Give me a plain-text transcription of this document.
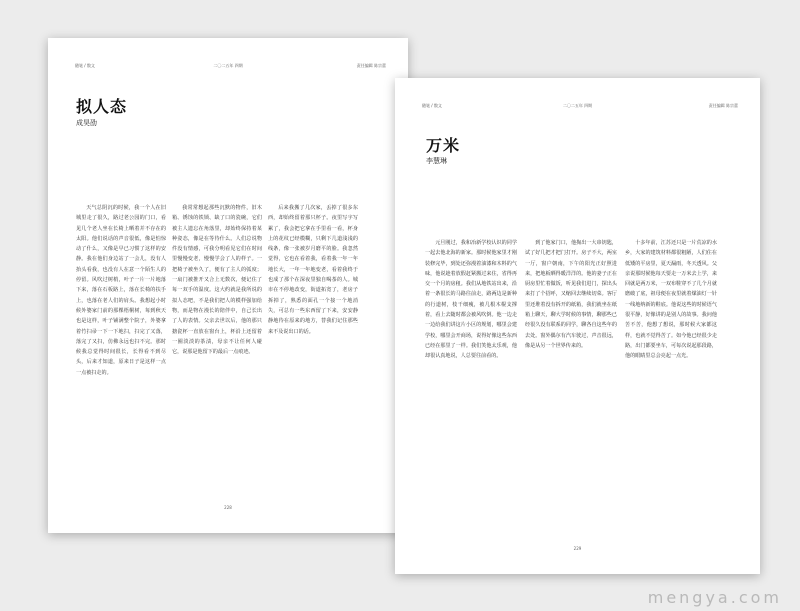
随笔 / 散文	二〇二五年 四期	责任编辑 陈宗蕾
拟人态
成昊劭

天气总阴沉的时候，我一个人在旧城里走了很久，路过老公园的门口，看见几个老人坐在长椅上晒着并不存在的太阳。他们说话的声音很低，像是怕惊动了什么，又像是早已习惯了这样的安静。我在他们身边站了一会儿，没有人抬头看我，也没有人在意一个陌生人的停留。风吹过树梢，叶子一片一片地落下来，落在石板路上，落在长椅的扶手上，也落在老人们的肩头。我想起小时候外婆家门前的那棵梧桐树，每到秋天也是这样，叶子铺满整个院子，外婆拿着竹扫帚一下一下地扫，扫完了又落，落完了又扫，仿佛永远也扫不完。那时候我总觉得时间很长，长得看不到尽头，后来才知道，原来日子是这样一点一点被扫走的。

我常常想起那些沉默的物件，旧木箱、锈蚀的铁锁、缺了口的瓷碗，它们被主人遗忘在角落里，却始终保持着某种姿态，像是在等待什么。人们总说物件没有情感，可我分明看见它们在时间里慢慢变老，慢慢学会了人的样子。一把椅子被坐久了，便有了主人的弧度；一扇门被推开又合上无数次，便记住了每一双手的温度。这大约就是我所说的拟人态吧，不是我们把人的模样强加给物，而是物在漫长的陪伴中，自己长出了人的表情。父亲去世以后，他的那只搪瓷杯一直放在窗台上，杯沿上还留着一圈淡淡的茶渍，母亲不让任何人碰它，说那是他留下的最后一点痕迹。

后来我搬了几次家，丢掉了很多东西，却始终留着那只杯子。夜里写字写累了，我会把它拿在手里看一看，杯身上的花纹已经模糊，只剩下几道浅浅的线条，像一张被岁月磨平的脸。我忽然觉得，它也在看着我，看着我一年一年地长大，一年一年地变老，看着我终于也成了那个在深夜里独自喝茶的人。城市在不停地改变，街道拓宽了，老房子拆掉了，熟悉的面孔一个接一个地消失，可总有一些东西留了下来，安安静静地待在原来的地方，替我们记住那些来不及说出口的话。

228
随笔 / 散文	二〇二五年 四期	责任编辑 陈宗蕾
万米
李慧琳

元旦刚过，我和冶新学校认识的同学一起去他北海的新家。那时候他家里才刚装修完毕，到处还弥漫着油漆和木料的气味，他说趁着放假赶紧搬过来住，省得再交一个月的房租。我们从地铁站出来，沿着一条很长的马路往前走，路两边是新种的行道树，枝干细瘦，被几根木棍支撑着，看上去随时都会被风吹倒。他一边走一边给我们讲这片小区的规划，哪里会建学校，哪里会开商场，说得好像这些东西已经在那里了一样。我们笑他太乐观，他却很认真地说，人总要往前看的。

到了他家门口，他掏出一大串钥匙，试了好几把才把门打开。房子不大，两室一厅，窗户朝南，下午的阳光正好照进来，把地板晒得暖洋洋的。他的妻子正在厨房里忙着做饭，听见我们进门，探出头来打了个招呼，又缩回去继续切菜。客厅里还堆着没有拆开的纸箱，我们就坐在纸箱上聊天，聊大学时候的事情，聊那些已经很久没有联系的同学，聊各自这些年的去处。窗外偶尔有汽车驶过，声音很远，像是从另一个世界传来的。

十多年前，江苏还只是一片荒凉的水乡，大家的建筑材料都很粗陋，人们住在低矮的平房里，夏天漏雨，冬天透风。父亲说那时候他每天要走一万米去上学，来回就是两万米，一双布鞋穿不了几个月就磨破了底，祖母便在夜里就着煤油灯一针一线地纳新的鞋底。他说这些的时候语气很平静，好像讲的是别人的故事。我问他苦不苦，他想了想说，那时候大家都这样，也就不觉得苦了。如今他已经很少走路，出门都要坐车，可每次说起那段路，他的眼睛里总会亮起一点光。

229
mengya.com
